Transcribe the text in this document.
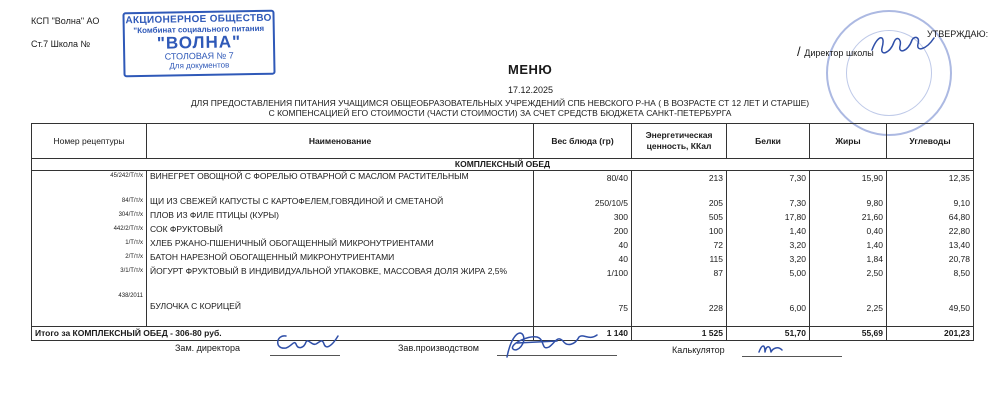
КСП "Волна" АО
Ст.7 Школа №
АКЦИОНЕРНОЕ ОБЩЕСТВО
"Комбинат социального питания
"ВОЛНА"
СТОЛОВАЯ № 7
Для документов
УТВЕРЖДАЮ:
/ Директор школы
МЕНЮ
17.12.2025
ДЛЯ ПРЕДОСТАВЛЕНИЯ ПИТАНИЯ УЧАЩИМСЯ ОБЩЕОБРАЗОВАТЕЛЬНЫХ УЧРЕЖДЕНИЙ СПБ НЕВСКОГО Р-НА ( В ВОЗРАСТЕ СТ 12 ЛЕТ И СТАРШЕ)
С КОМПЕНСАЦИЕЙ ЕГО СТОИМОСТИ (ЧАСТИ СТОИМОСТИ) ЗА СЧЕТ СРЕДСТВ БЮДЖЕТА САНКТ-ПЕТЕРБУРГА
Номер рецептуры	Наименование	Вес блюда (гр)	Энергетическая ценность, ККал	Белки	Жиры	Углеводы
КОМПЛЕКСНЫЙ ОБЕД						
45/242/Т/т/х	ВИНЕГРЕТ ОВОЩНОЙ С ФОРЕЛЬЮ ОТВАРНОЙ С МАСЛОМ РАСТИТЕЛЬНЫМ	80/40	213	7,30	15,90	12,35
84/Т/т/х	ЩИ ИЗ СВЕЖЕЙ КАПУСТЫ С КАРТОФЕЛЕМ,ГОВЯДИНОЙ И СМЕТАНОЙ	250/10/5	205	7,30	9,80	9,10
304/Т/т/х	ПЛОВ ИЗ ФИЛЕ ПТИЦЫ (КУРЫ)	300	505	17,80	21,60	64,80
442/2/Т/т/х	СОК ФРУКТОВЫЙ	200	100	1,40	0,40	22,80
1/Т/т/х	ХЛЕБ РЖАНО-ПШЕНИЧНЫЙ ОБОГАЩЕННЫЙ МИКРОНУТРИЕНТАМИ	40	72	3,20	1,40	13,40
2/Т/т/х	БАТОН НАРЕЗНОЙ ОБОГАЩЕННЫЙ МИКРОНУТРИЕНТАМИ	40	115	3,20	1,84	20,78
3/1/Т/т/х	ЙОГУРТ ФРУКТОВЫЙ В ИНДИВИДУАЛЬНОЙ УПАКОВКЕ, МАССОВАЯ ДОЛЯ ЖИРА 2,5%	1/100	87	5,00	2,50	8,50
438/2011	БУЛОЧКА С КОРИЦЕЙ	75	228	6,00	2,25	49,50
Итого за КОМПЛЕКСНЫЙ ОБЕД - 306-80 руб.		1 140	1 525	51,70	55,69	201,23
Зам. директора	Зав.производством	Калькулятор
